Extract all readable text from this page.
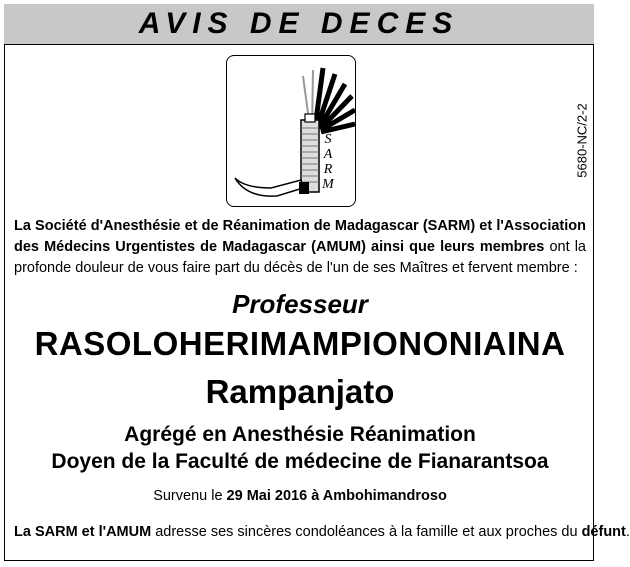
AVIS DE DECES
5680-NC/2-2
S
A
R
M
La Société d'Anesthésie et de Réanimation de Madagascar (SARM) et l'Association des Médecins Urgentistes de Madagascar (AMUM) ainsi que leurs membres ont la profonde douleur de vous faire part du décès de l'un de ses Maîtres et fervent membre :
Professeur
RASOLOHERIMAMPIONONIAINA
Rampanjato
Agrégé en Anesthésie Réanimation
Doyen de la Faculté de médecine de Fianarantsoa
Survenu le 29 Mai 2016 à Ambohimandroso
La SARM et l'AMUM adresse ses sincères condoléances à la famille et aux proches du défunt.
